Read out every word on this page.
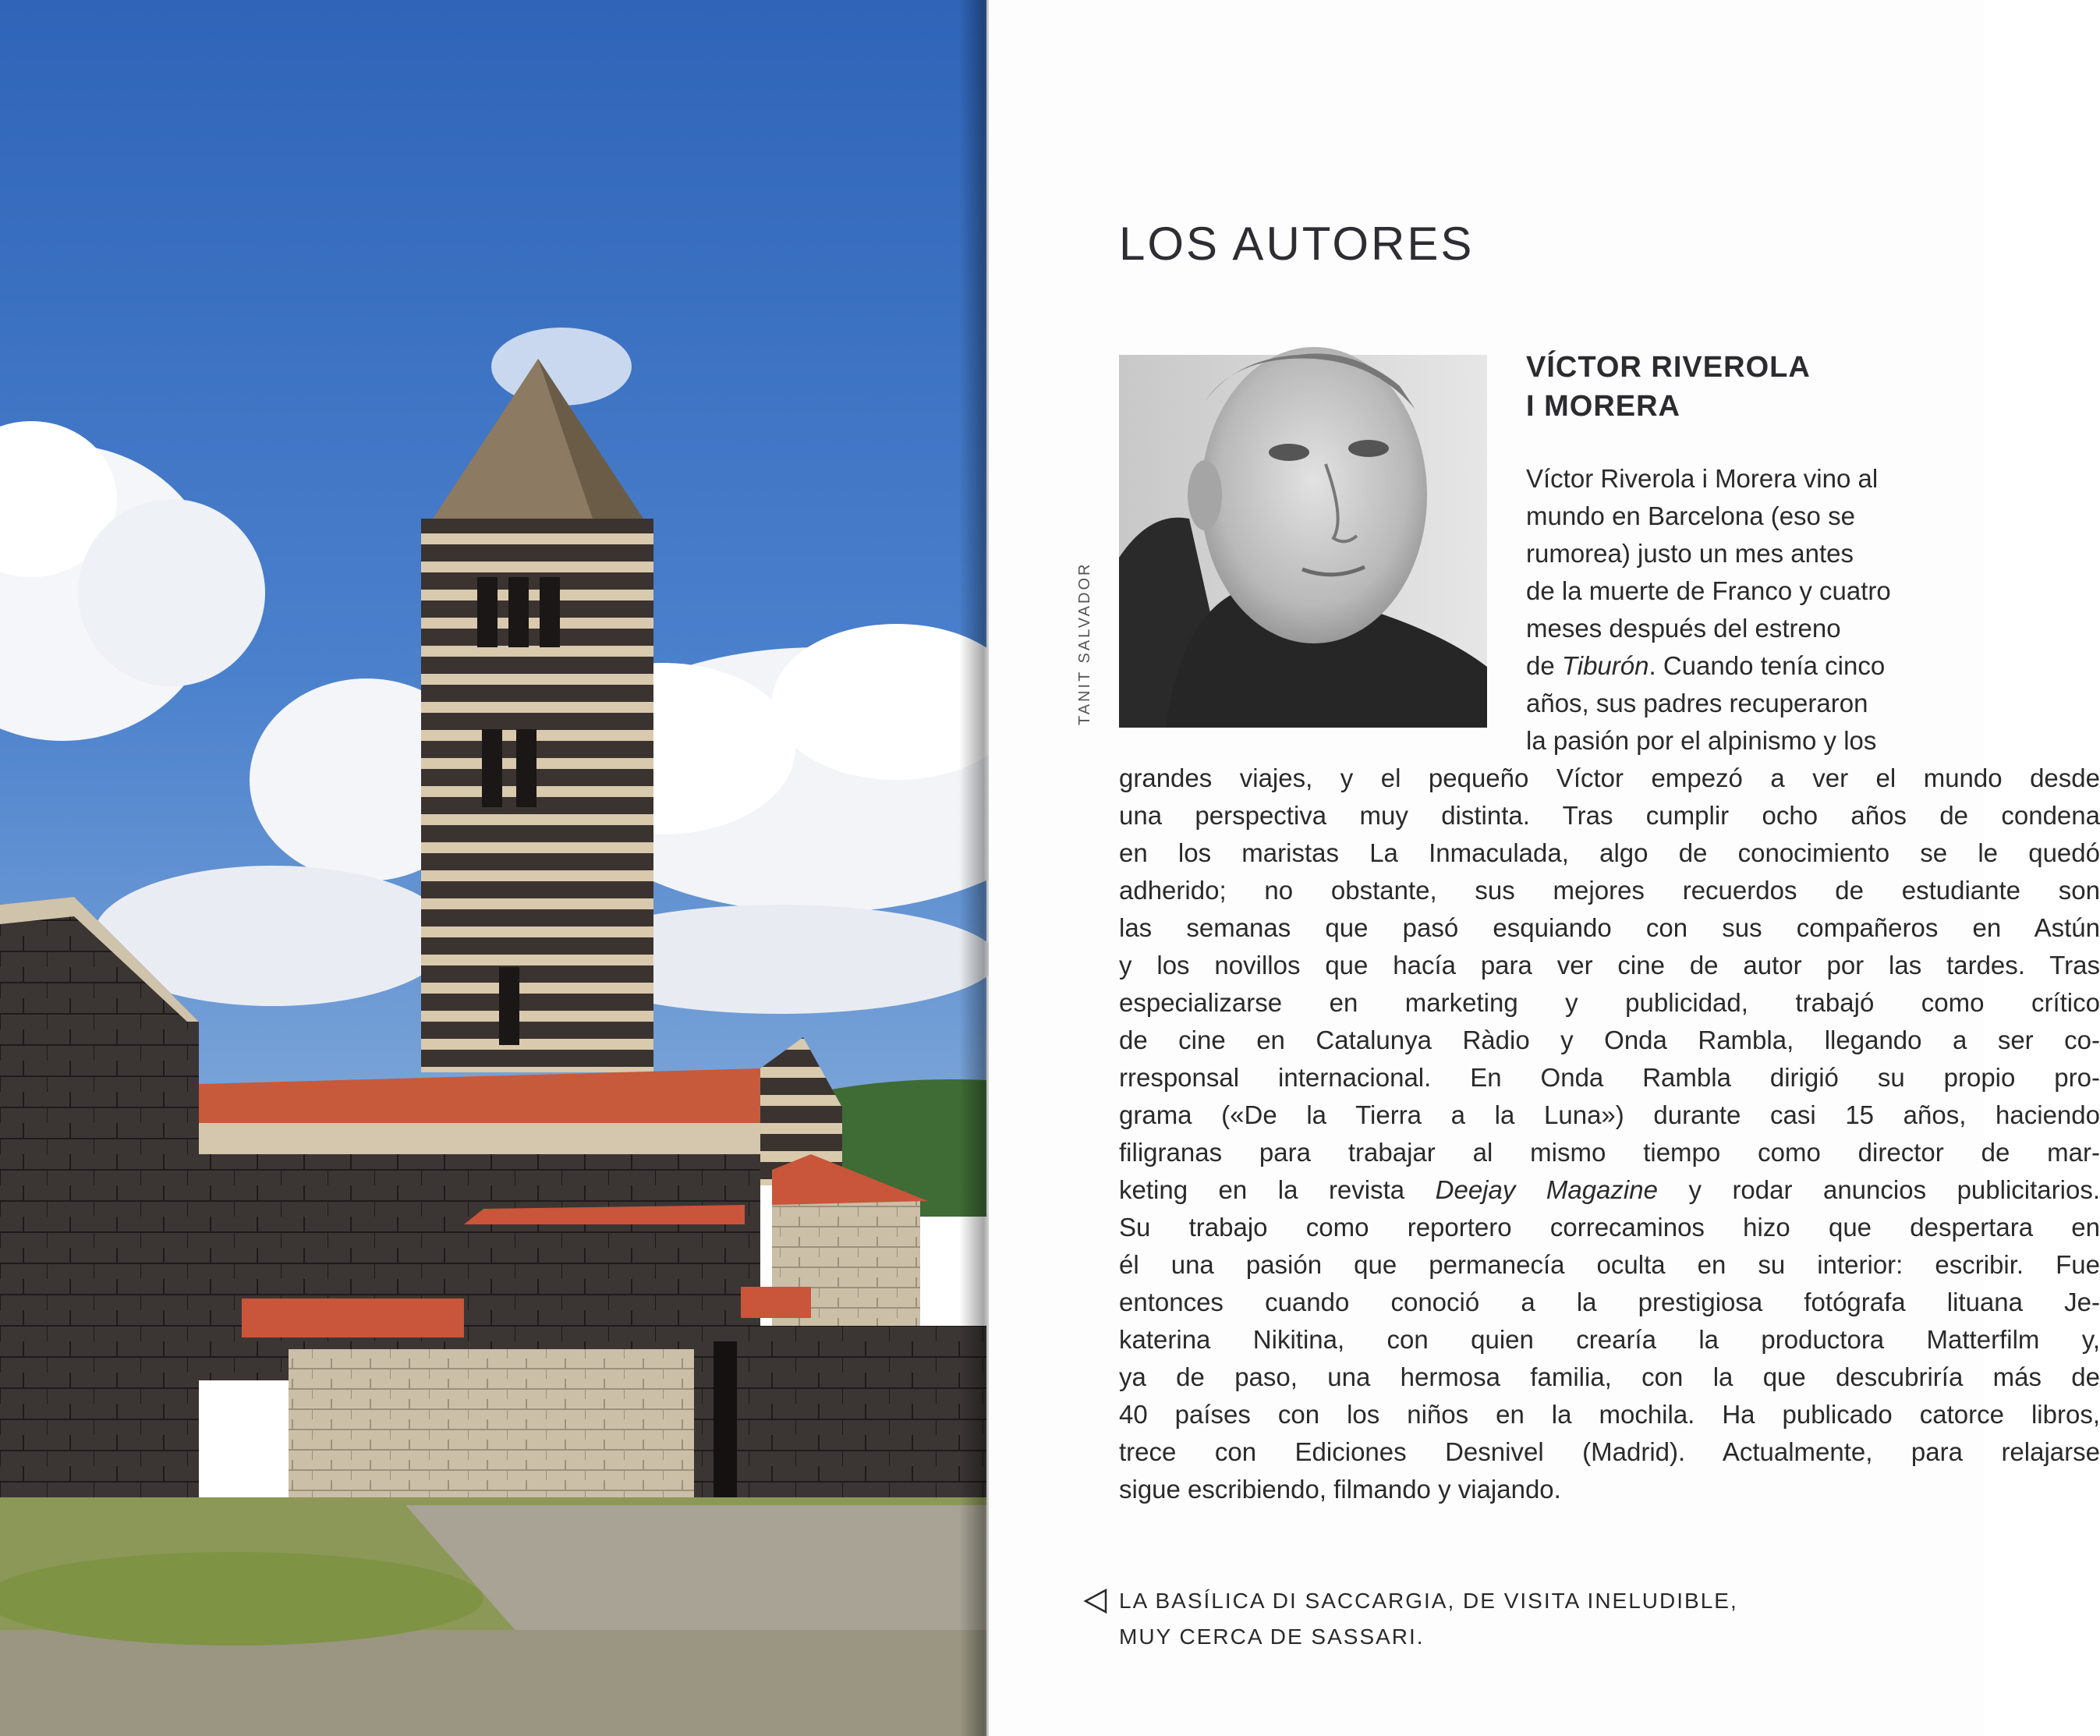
LOS AUTORES
TANIT SALVADOR
VÍCTOR RIVEROLA
I MORERA
Víctor Riverola i Morera vino al
mundo en Barcelona (eso se
rumorea) justo un mes antes
de la muerte de Franco y cuatro
meses después del estreno
de Tiburón. Cuando tenía cinco
años, sus padres recuperaron
la pasión por el alpinismo y los
grandes viajes, y el pequeño Víctor empezó a ver el mundo desde
una perspectiva muy distinta. Tras cumplir ocho años de condena
en los maristas La Inmaculada, algo de conocimiento se le quedó
adherido; no obstante, sus mejores recuerdos de estudiante son
las semanas que pasó esquiando con sus compañeros en Astún
y los novillos que hacía para ver cine de autor por las tardes. Tras
especializarse en marketing y publicidad, trabajó como crítico
de cine en Catalunya Ràdio y Onda Rambla, llegando a ser co-
rresponsal internacional. En Onda Rambla dirigió su propio pro-
grama («De la Tierra a la Luna») durante casi 15 años, haciendo
filigranas para trabajar al mismo tiempo como director de mar-
keting en la revista Deejay Magazine y rodar anuncios publicitarios.
Su trabajo como reportero correcaminos hizo que despertara en
él una pasión que permanecía oculta en su interior: escribir. Fue
entonces cuando conoció a la prestigiosa fotógrafa lituana Je-
katerina Nikitina, con quien crearía la productora Matterfilm y,
ya de paso, una hermosa familia, con la que descubriría más de
40 países con los niños en la mochila. Ha publicado catorce libros,
trece con Ediciones Desnivel (Madrid). Actualmente, para relajarse
sigue escribiendo, filmando y viajando.
LA BASÍLICA DI SACCARGIA, DE VISITA INELUDIBLE,
MUY CERCA DE SASSARI.
